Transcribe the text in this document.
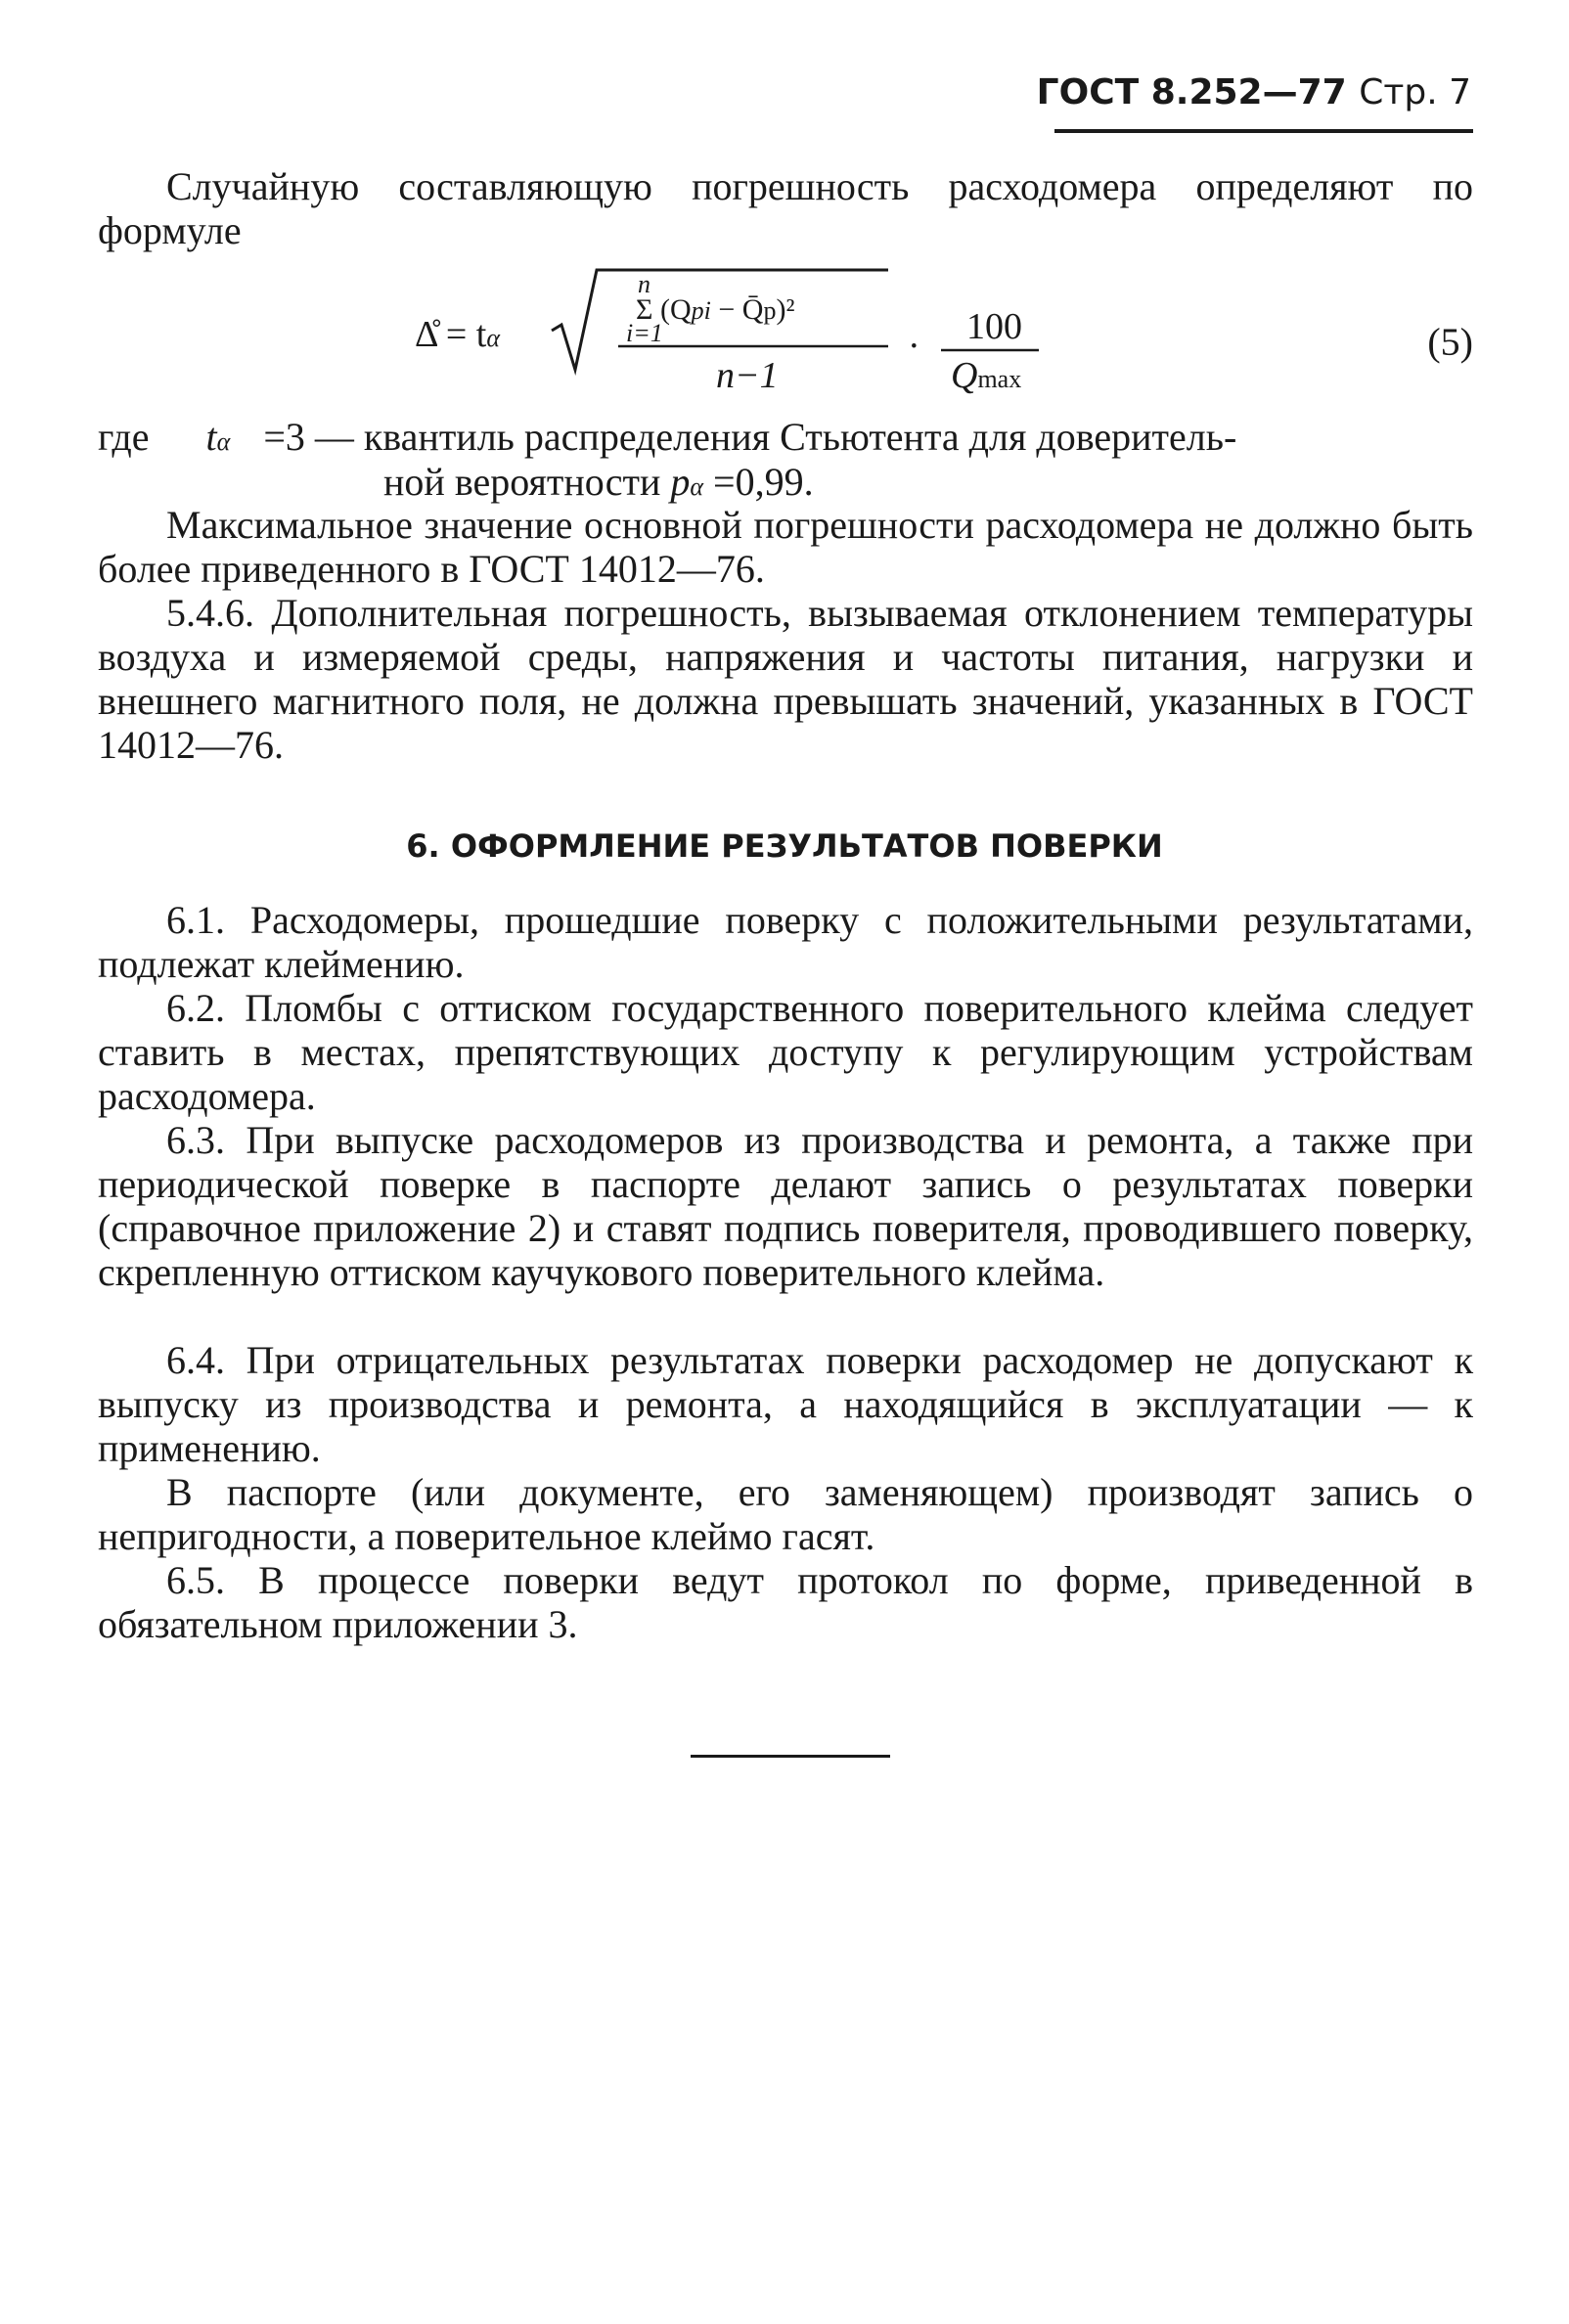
ГОСТ 8.252—77 Стр. 7

Случайную составляющую погрешность расходомера определяют по формуле

Δ̊ = tα
n
Σ (Qpi − Q̄p)²
i=1
n−1
· 100
Qmax
(5)
где tα =3 — квантиль распределения Стьютента для доверитель-
ной вероятности pα =0,99.

Максимальное значение основной погрешности расходомера не должно быть более приведенного в ГОСТ 14012—76.

5.4.6. Дополнительная погрешность, вызываемая отклонением температуры воздуха и измеряемой среды, напряжения и частоты питания, нагрузки и внешнего магнитного поля, не должна превышать значений, указанных в ГОСТ 14012—76.

6. ОФОРМЛЕНИЕ РЕЗУЛЬТАТОВ ПОВЕРКИ

6.1. Расходомеры, прошедшие поверку с положительными результатами, подлежат клеймению.

6.2. Пломбы с оттиском государственного поверительного клейма следует ставить в местах, препятствующих доступу к регулирующим устройствам расходомера.

6.3. При выпуске расходомеров из производства и ремонта, а также при периодической поверке в паспорте делают запись о результатах поверки (справочное приложение 2) и ставят подпись поверителя, проводившего поверку, скрепленную оттиском каучукового поверительного клейма.

6.4. При отрицательных результатах поверки расходомер не допускают к выпуску из производства и ремонта, а находящийся в эксплуатации — к применению.

В паспорте (или документе, его заменяющем) производят запись о непригодности, а поверительное клеймо гасят.

6.5. В процессе поверки ведут протокол по форме, приведенной в обязательном приложении 3.
